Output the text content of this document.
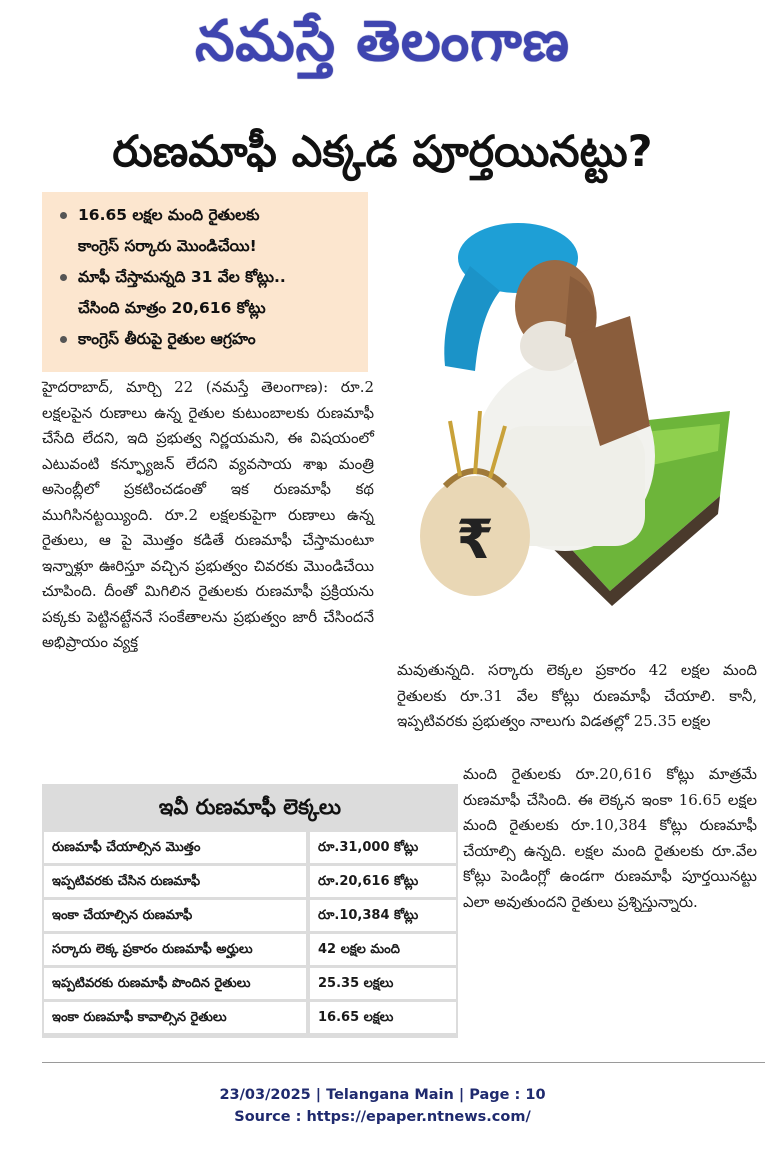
నమస్తే తెలంగాణ
రుణమాఫీ ఎక్కడ పూర్తయినట్టు?
16.65 లక్షల మంది రైతులకు
కాంగ్రెస్ సర్కారు మొండిచేయి!
మాఫీ చేస్తామన్నది 31 వేల కోట్లు..
చేసింది మాత్రం 20,616 కోట్లు
కాంగ్రెస్ తీరుపై రైతుల ఆగ్రహం
₹

హైదరాబాద్, మార్చి 22 (నమస్తే తెలంగాణ): రూ.2 లక్షలపైన రుణాలు ఉన్న రైతుల కుటుంబాలకు రుణమాఫీ చేసేది లేదని, ఇది ప్రభుత్వ నిర్ణయమని, ఈ విషయంలో ఎటువంటి కన్ఫ్యూజన్ లేదని వ్యవసాయ శాఖ మంత్రి అసెంబ్లీలో ప్రకటించడంతో ఇక రుణమాఫీ కథ ముగిసినట్టయ్యింది. రూ.2 లక్షలకుపైగా రుణాలు ఉన్న రైతులు, ఆ పై మొత్తం కడితే రుణమాఫీ చేస్తామంటూ ఇన్నాళ్లూ ఊరిస్తూ వచ్చిన ప్రభుత్వం చివరకు మొండిచేయి చూపింది. దీంతో మిగిలిన రైతులకు రుణమాఫీ ప్రక్రియను పక్కకు పెట్టినట్టేననే సంకేతాలను ప్రభుత్వం జారీ చేసిందనే అభిప్రాయం వ్యక్త

మవుతున్నది. సర్కారు లెక్కల ప్రకారం 42 లక్షల మంది రైతులకు రూ.31 వేల కోట్లు రుణమాఫీ చేయాలి. కానీ, ఇప్పటివరకు ప్రభుత్వం నాలుగు విడతల్లో 25.35 లక్షల

మంది రైతులకు రూ.20,616 కోట్లు మాత్రమే రుణమాఫీ చేసింది. ఈ లెక్కన ఇంకా 16.65 లక్షల మంది రైతులకు రూ.10,384 కోట్లు రుణమాఫీ చేయాల్సి ఉన్నది. లక్షల మంది రైతులకు రూ.వేల కోట్లు పెండింగ్లో ఉండగా రుణమాఫీ పూర్తయినట్టు ఎలా అవుతుందని రైతులు ప్రశ్నిస్తున్నారు.

ఇవీ రుణమాఫీ లెక్కలు
రుణమాఫీ చేయాల్సిన మొత్తం	రూ.31,000 కోట్లు
ఇప్పటివరకు చేసిన రుణమాఫీ	రూ.20,616 కోట్లు
ఇంకా చేయాల్సిన రుణమాఫీ	రూ.10,384 కోట్లు
సర్కారు లెక్క ప్రకారం రుణమాఫీ అర్హులు	42 లక్షల మంది
ఇప్పటివరకు రుణమాఫీ పొందిన రైతులు	25.35 లక్షలు
ఇంకా రుణమాఫీ కావాల్సిన రైతులు	16.65 లక్షలు
23/03/2025 | Telangana Main | Page : 10
Source : https://epaper.ntnews.com/
